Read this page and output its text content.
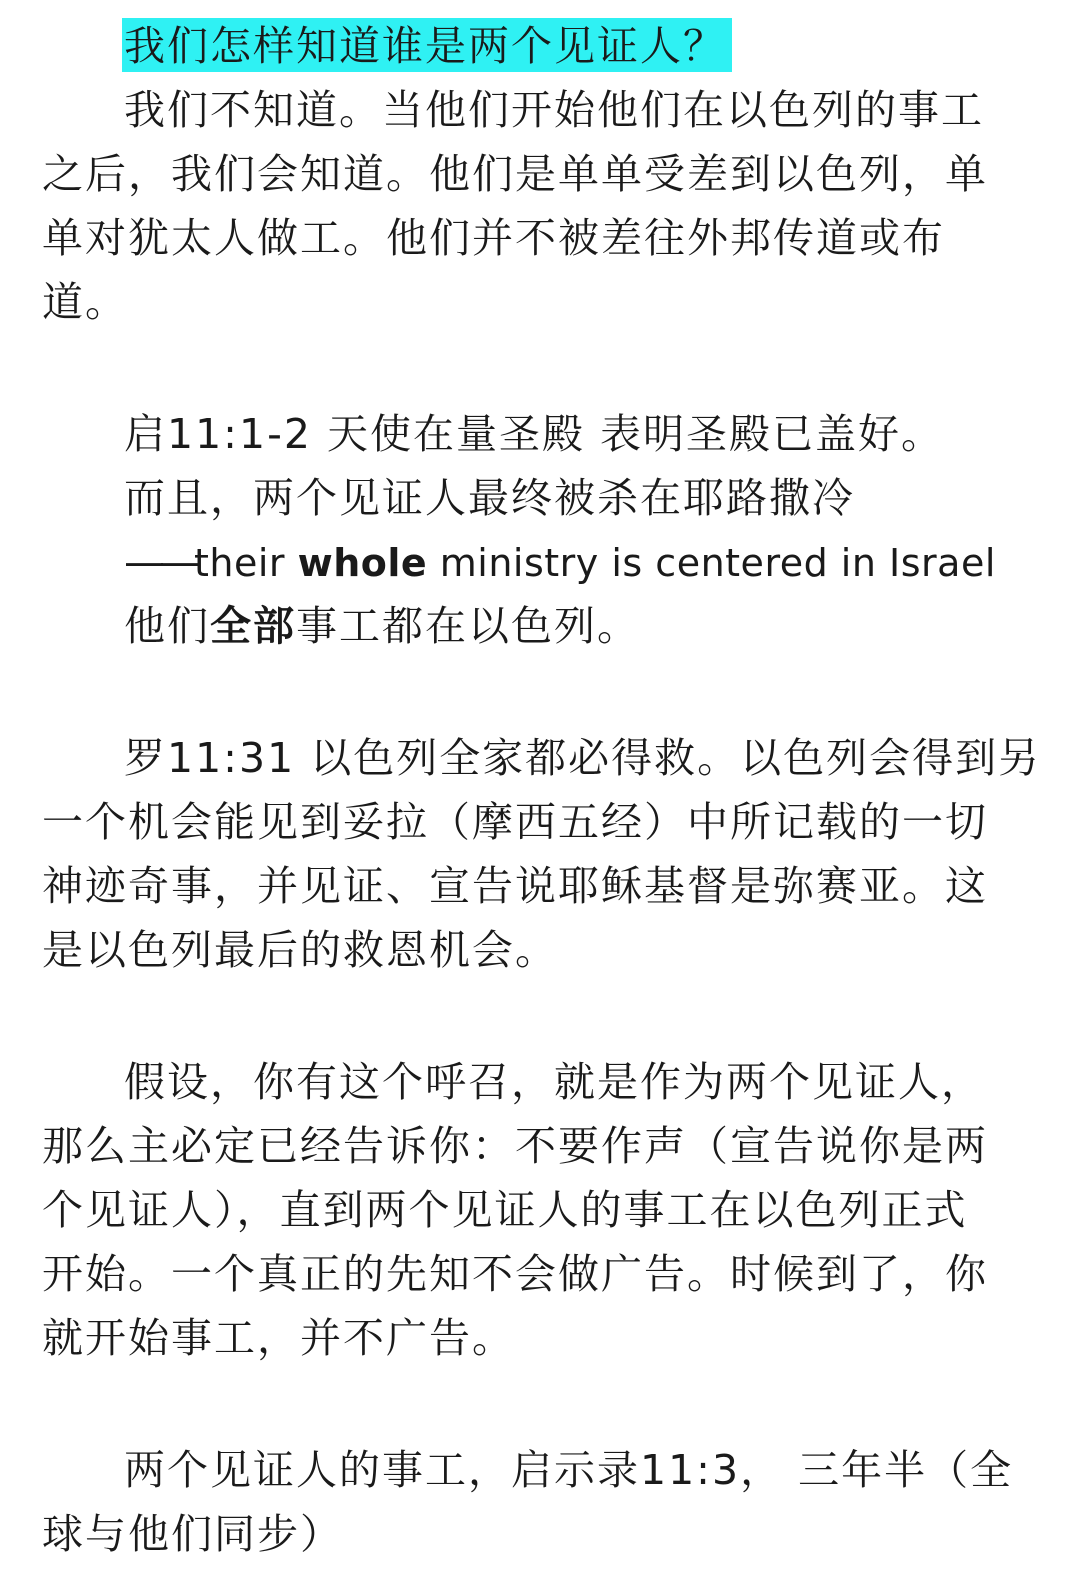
我们怎样知道谁是两个见证人？
我们不知道。当他们开始他们在以色列的事工
之后，我们会知道。他们是单单受差到以色列，单
单对犹太人做工。他们并不被差往外邦传道或布
道。
启11:1-2 天使在量圣殿 表明圣殿已盖好。
而且，两个见证人最终被杀在耶路撒冷
——their whole ministry is centered in Israel
他们全部事工都在以色列。
罗11:31 以色列全家都必得救。以色列会得到另
一个机会能见到妥拉（摩西五经）中所记载的一切
神迹奇事，并见证、宣告说耶稣基督是弥赛亚。这
是以色列最后的救恩机会。
假设，你有这个呼召，就是作为两个见证人，
那么主必定已经告诉你：不要作声（宣告说你是两
个见证人），直到两个见证人的事工在以色列正式
开始。一个真正的先知不会做广告。时候到了，你
就开始事工，并不广告。
两个见证人的事工，启示录11:3， 三年半（全
球与他们同步）
